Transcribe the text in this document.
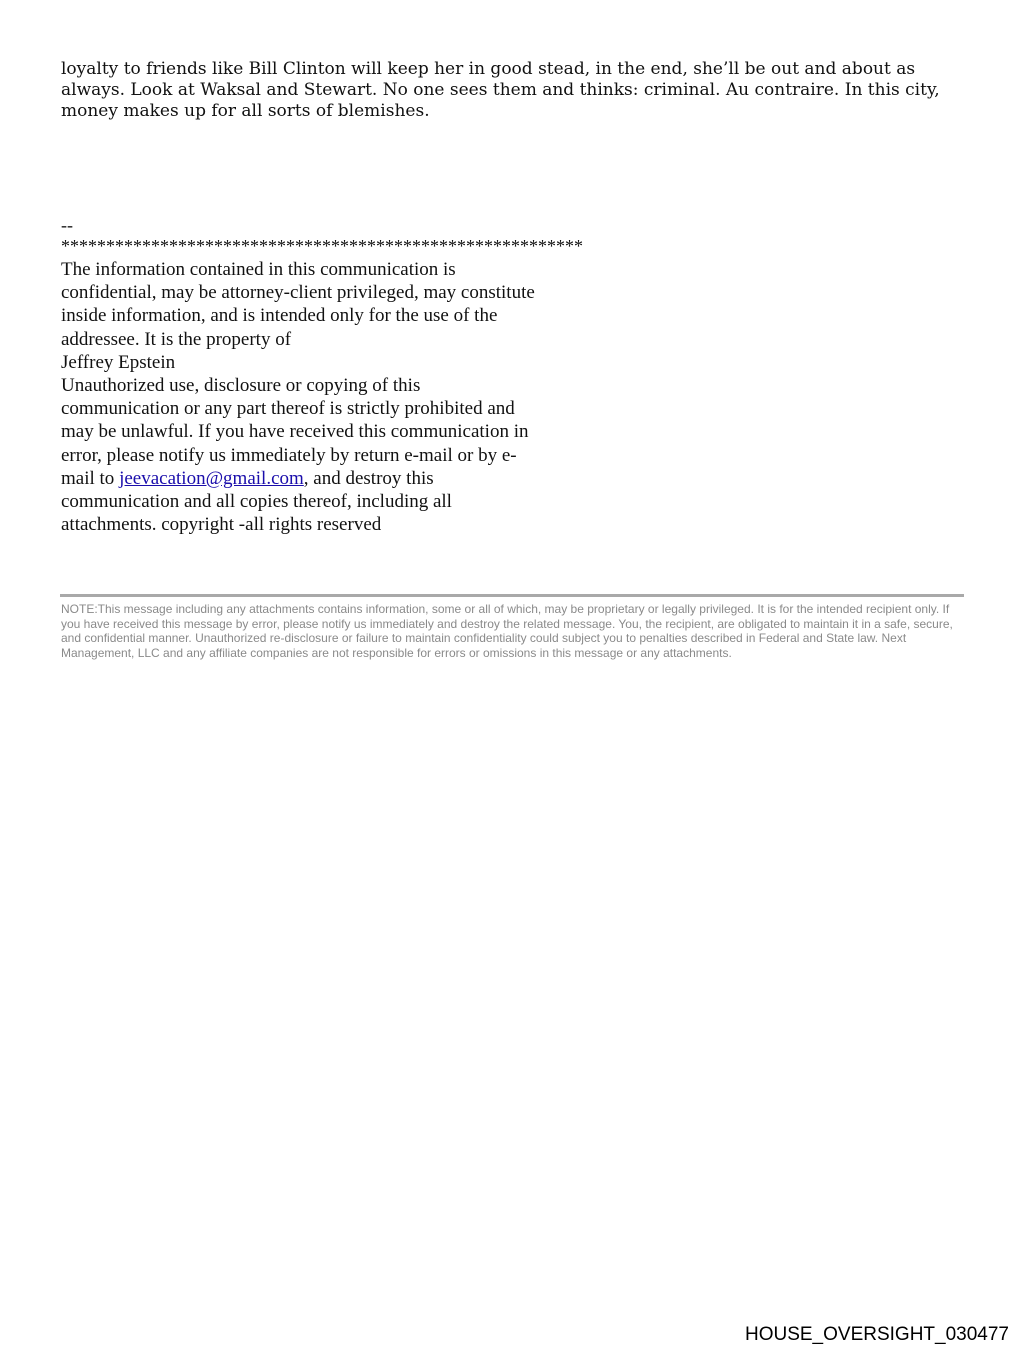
loyalty to friends like Bill Clinton will keep her in good stead, in the end, she’ll be out and about as always. Look at Waksal and Stewart. No one sees them and thinks: criminal. Au contraire. In this city, money makes up for all sorts of blemishes.

--

**********************************************************

The information contained in this communication is confidential, may be attorney-client privileged, may constitute inside information, and is intended only for the use of the addressee. It is the property of
Jeffrey Epstein
Unauthorized use, disclosure or copying of this communication or any part thereof is strictly prohibited and may be unlawful. If you have received this communication in error, please notify us immediately by return e-mail or by e-mail to jeevacation@gmail.com, and destroy this communication and all copies thereof, including all attachments. copyright -all rights reserved

NOTE:This message including any attachments contains information, some or all of which, may be proprietary or legally privileged. It is for the intended recipient only. If you have received this message by error, please notify us immediately and destroy the related message. You, the recipient, are obligated to maintain it in a safe, secure, and confidential manner. Unauthorized re-disclosure or failure to maintain confidentiality could subject you to penalties described in Federal and State law. Next Management, LLC and any affiliate companies are not responsible for errors or omissions in this message or any attachments.

HOUSE_OVERSIGHT_030477
